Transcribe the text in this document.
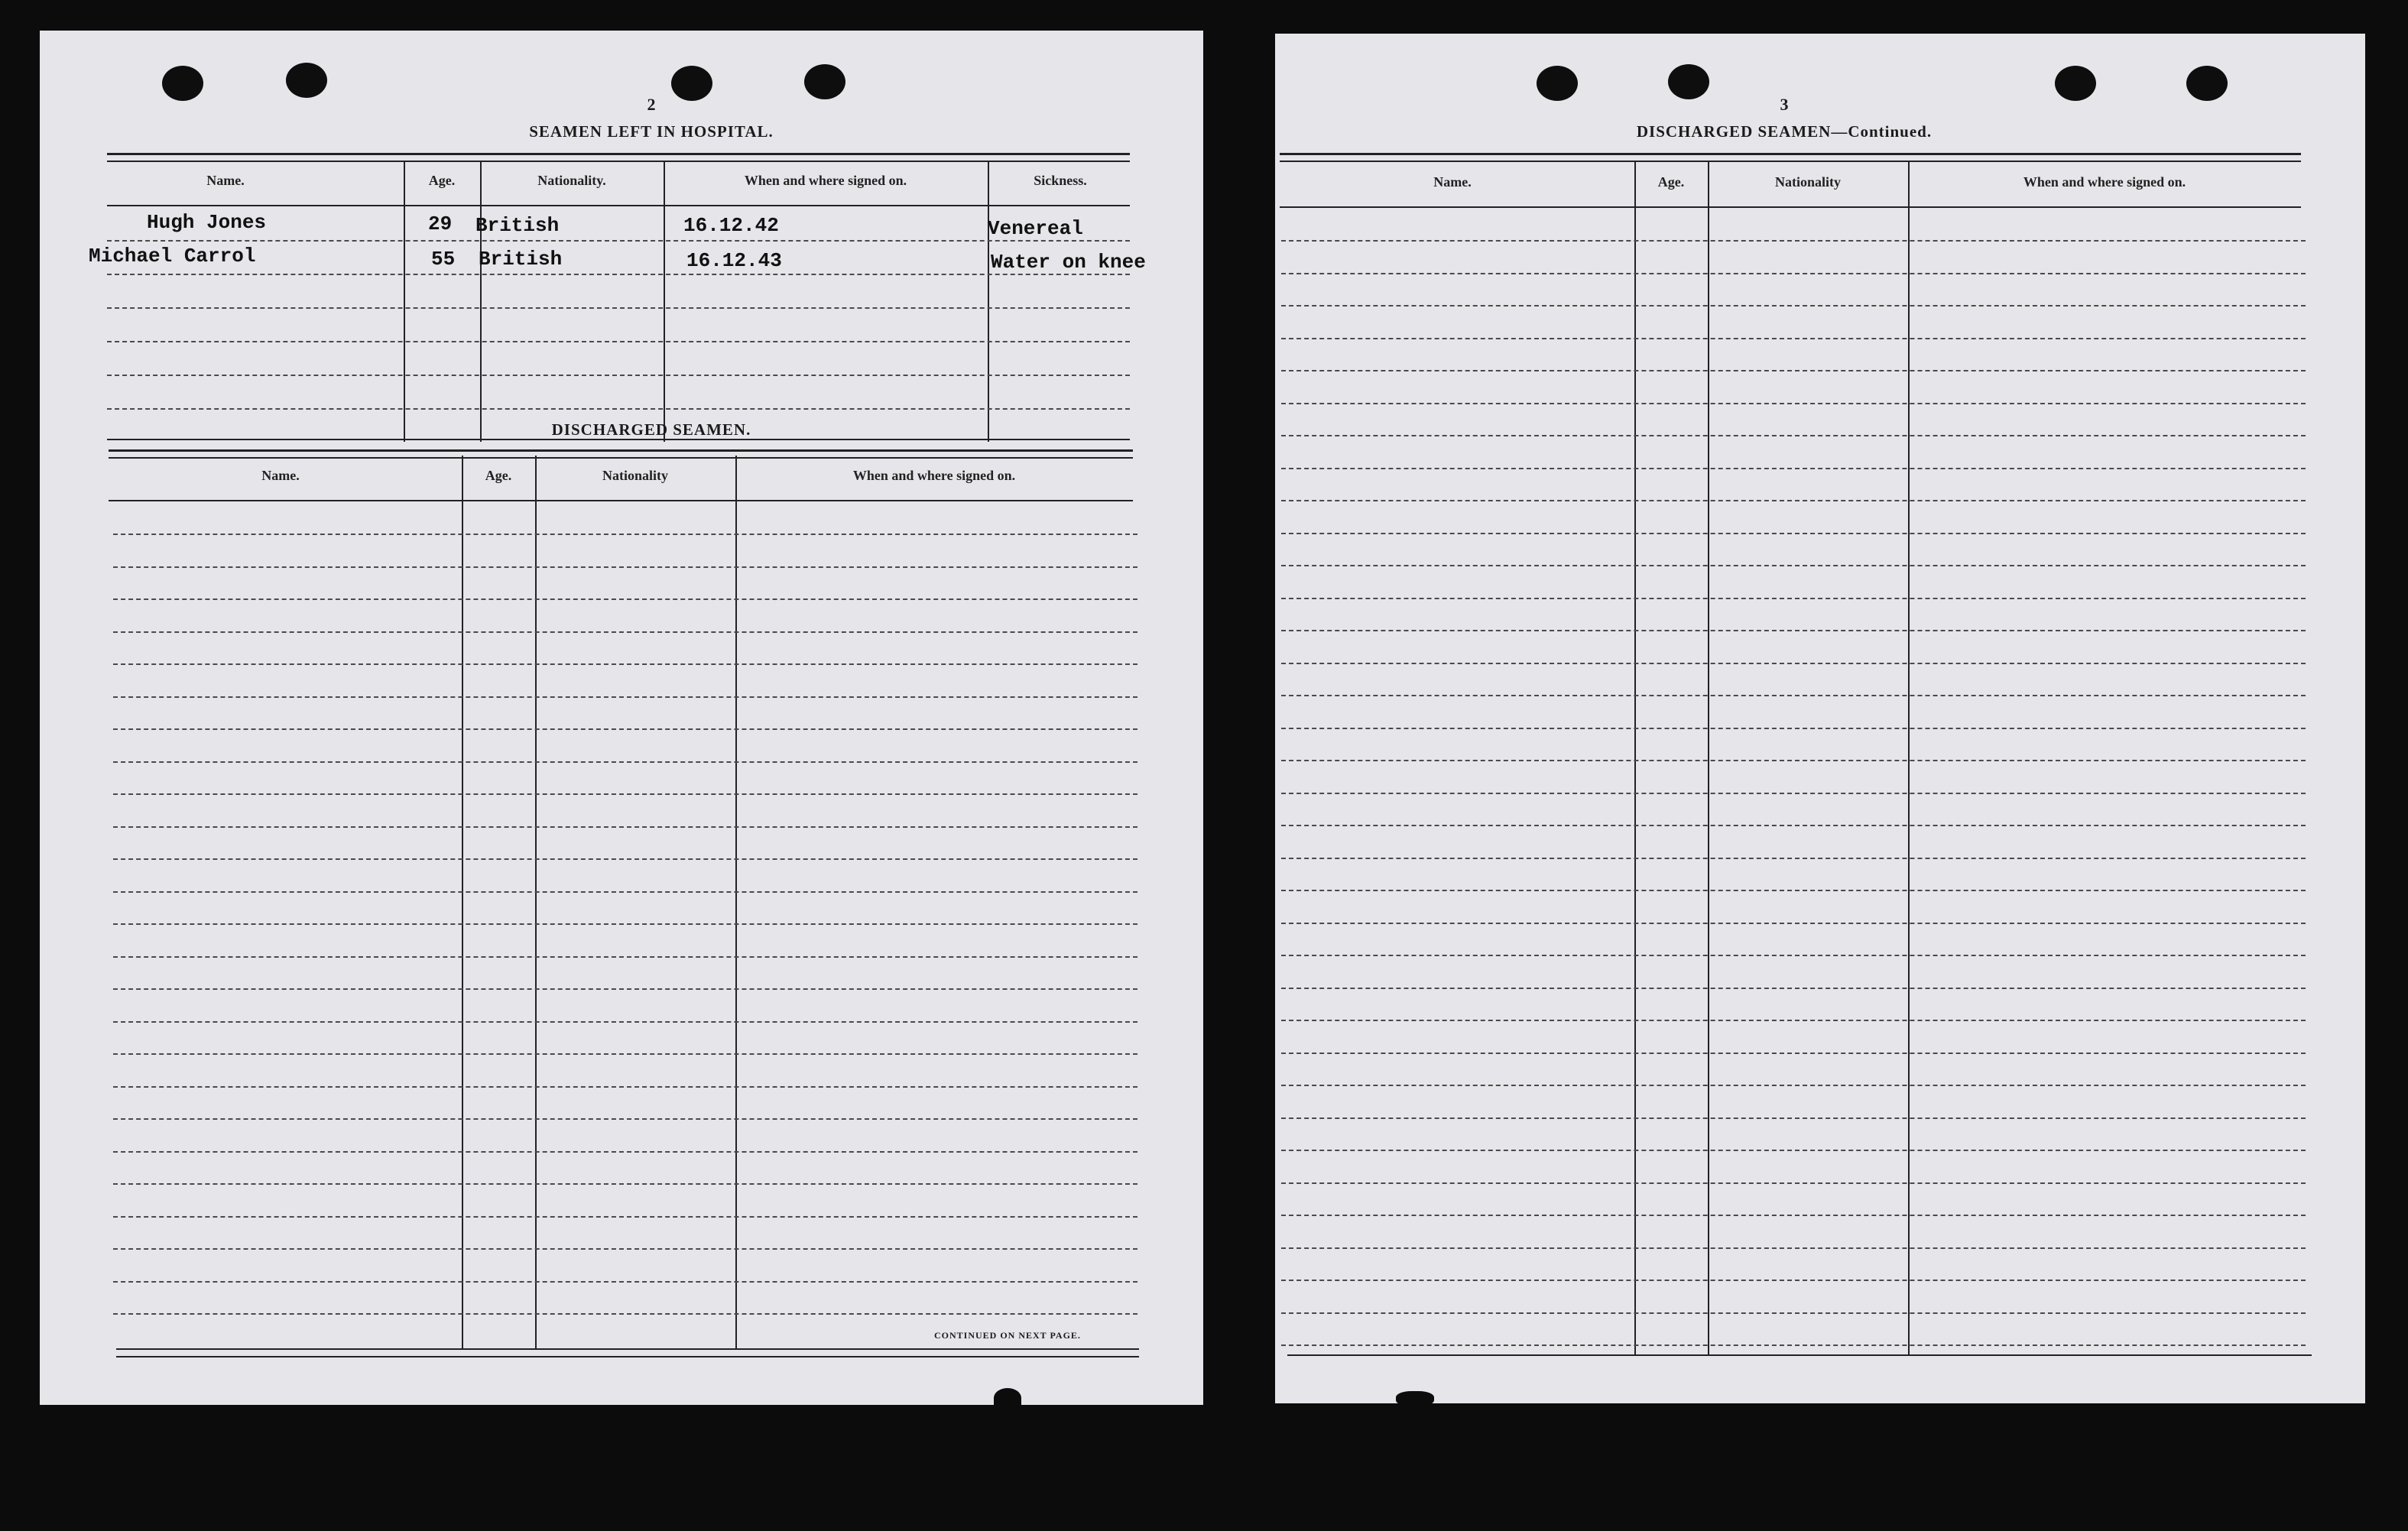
2
SEAMEN LEFT IN HOSPITAL.
Name.	Age.	Nationality.	When and where signed on.	Sickness.
Hugh Jones	29 British	16.12.42	Venereal
Michael Carrol	55 British	16.12.43	Water on knee
DISCHARGED SEAMEN.
Name.	Age.	Nationality	When and where signed on.
CONTINUED ON NEXT PAGE.
3
DISCHARGED SEAMEN—Continued.
Name.	Age.	Nationality	When and where signed on.
